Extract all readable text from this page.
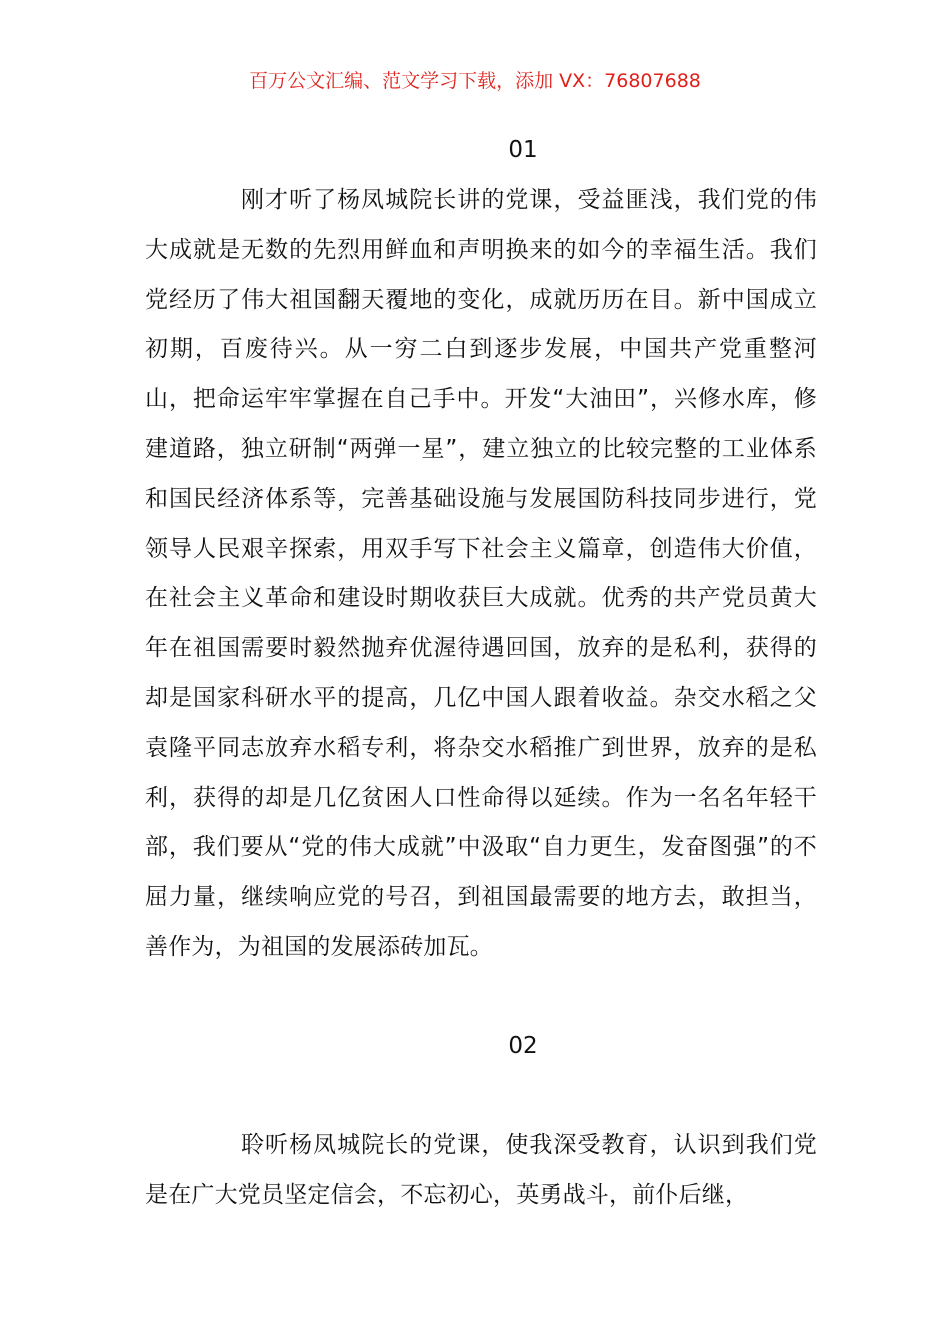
百万公文汇编、范文学习下载，添加 VX：76807688
01

刚才听了杨凤城院长讲的党课，受益匪浅，我们党的伟大成就是无数的先烈用鲜血和声明换来的如今的幸福生活。我们党经历了伟大祖国翻天覆地的变化，成就历历在目。新中国成立初期，百废待兴。从一穷二白到逐步发展，中国共产党重整河山，把命运牢牢掌握在自己手中。开发“大油田”，兴修水库，修建道路，独立研制“两弹一星”，建立独立的比较完整的工业体系和国民经济体系等，完善基础设施与发展国防科技同步进行，党领导人民艰辛探索，用双手写下社会主义篇章，创造伟大价值，在社会主义革命和建设时期收获巨大成就。优秀的共产党员黄大年在祖国需要时毅然抛弃优渥待遇回国，放弃的是私利，获得的却是国家科研水平的提高，几亿中国人跟着收益。杂交水稻之父袁隆平同志放弃水稻专利，将杂交水稻推广到世界，放弃的是私利，获得的却是几亿贫困人口性命得以延续。作为一名名年轻干部，我们要从“党的伟大成就”中汲取“自力更生，发奋图强”的不屈力量，继续响应党的号召，到祖国最需要的地方去，敢担当，善作为，为祖国的发展添砖加瓦。

02

聆听杨凤城院长的党课，使我深受教育，认识到我们党是在广大党员坚定信会，不忘初心，英勇战斗，前仆后继，
